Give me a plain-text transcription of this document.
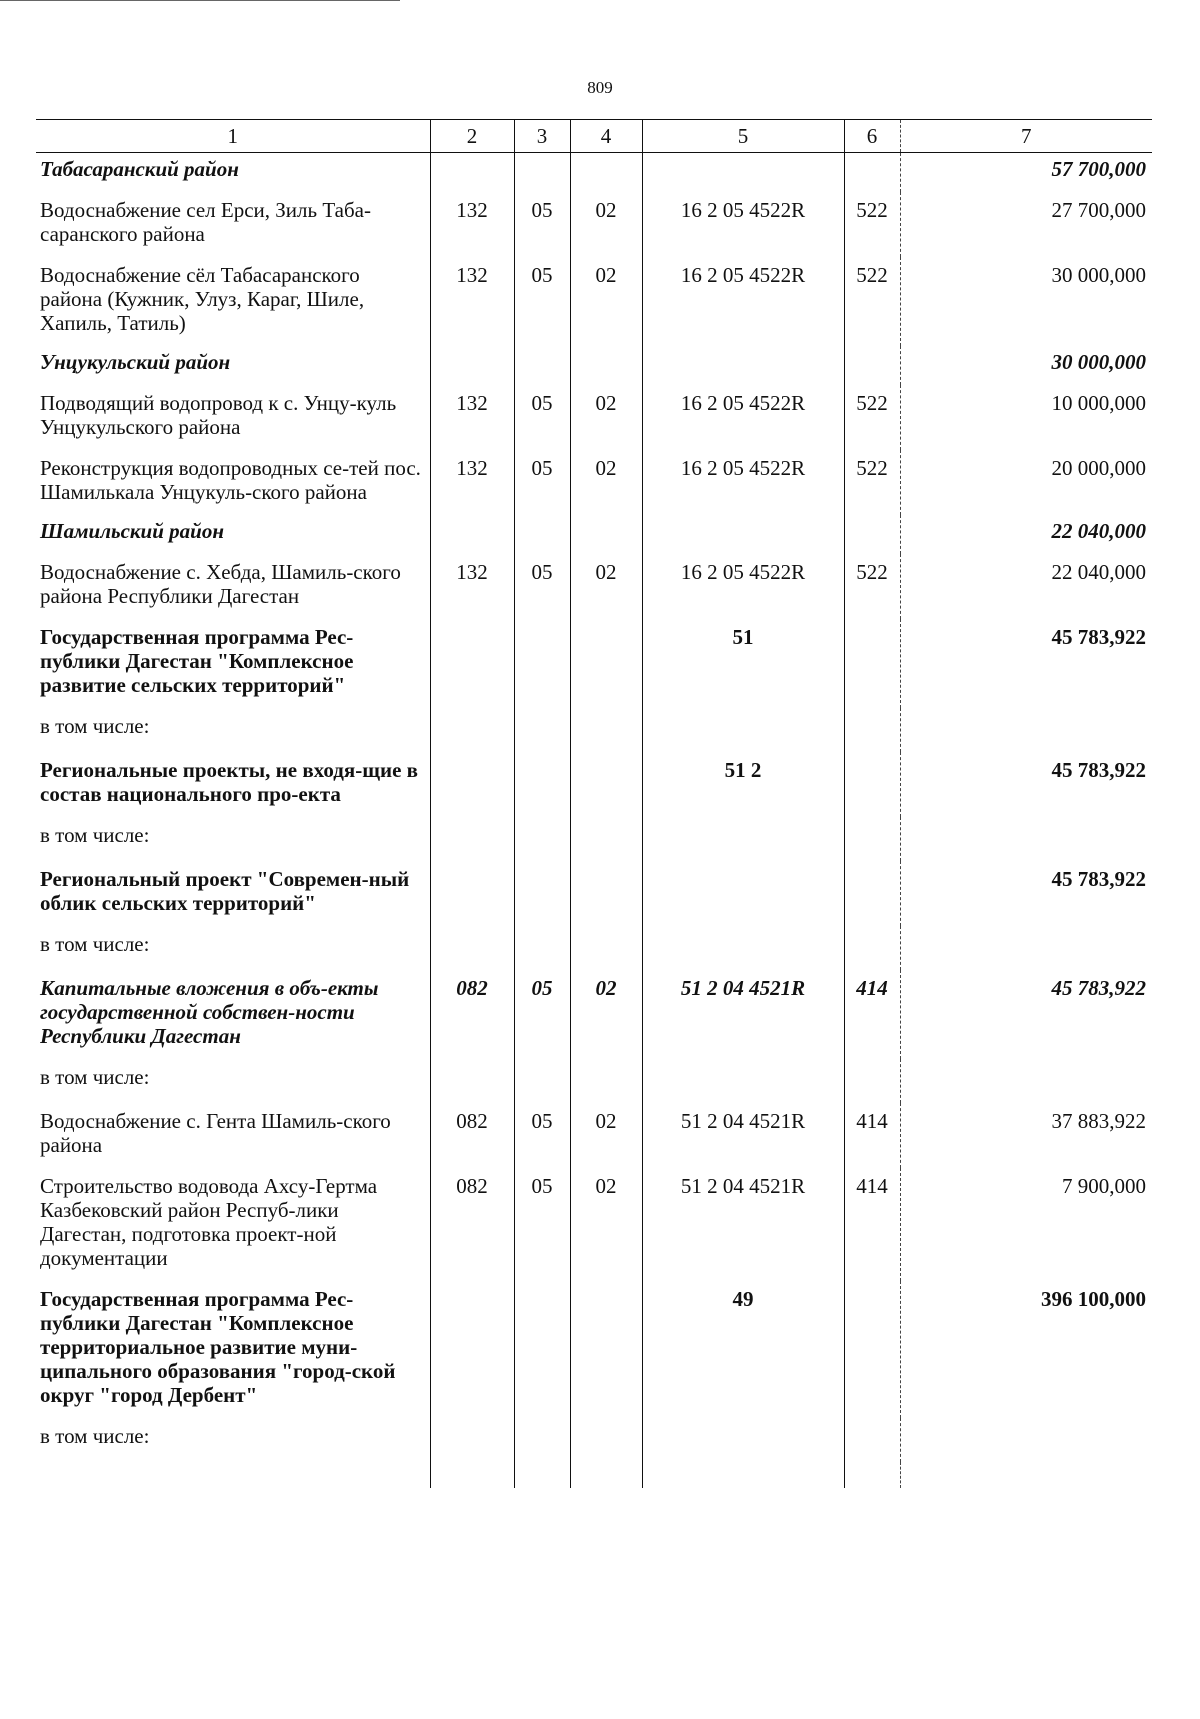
809
1	2	3	4	5	6	7
Табасаранский район						57 700,000
Водоснабжение сел Ерси, Зиль Таба-саранского района	132	05	02	16 2 05 4522R	522	27 700,000
Водоснабжение сёл Табасаранского района (Кужник, Улуз, Караг, Шиле, Хапиль, Татиль)	132	05	02	16 2 05 4522R	522	30 000,000
Унцукульский район						30 000,000
Подводящий водопровод к с. Унцу-куль Унцукульского района	132	05	02	16 2 05 4522R	522	10 000,000
Реконструкция водопроводных се-тей пос. Шамилькала Унцукуль-ского района	132	05	02	16 2 05 4522R	522	20 000,000
Шамильский район						22 040,000
Водоснабжение с. Хебда, Шамиль-ского района Республики Дагестан	132	05	02	16 2 05 4522R	522	22 040,000
Государственная программа Рес-публики Дагестан "Комплексное развитие сельских территорий"				51		45 783,922
в том числе:						
Региональные проекты, не входя-щие в состав национального про-екта				51 2		45 783,922
в том числе:						
Региональный проект "Современ-ный облик сельских территорий"						45 783,922
в том числе:						
Капитальные вложения в объ-екты государственной собствен-ности Республики Дагестан	082	05	02	51 2 04 4521R	414	45 783,922
в том числе:						
Водоснабжение с. Гента Шамиль-ского района	082	05	02	51 2 04 4521R	414	37 883,922
Строительство водовода Ахсу-Гертма Казбековский район Респуб-лики Дагестан, подготовка проект-ной документации	082	05	02	51 2 04 4521R	414	7 900,000
Государственная программа Рес-публики Дагестан "Комплексное территориальное развитие муни-ципального образования "город-ской округ "город Дербент"				49		396 100,000
в том числе:						
